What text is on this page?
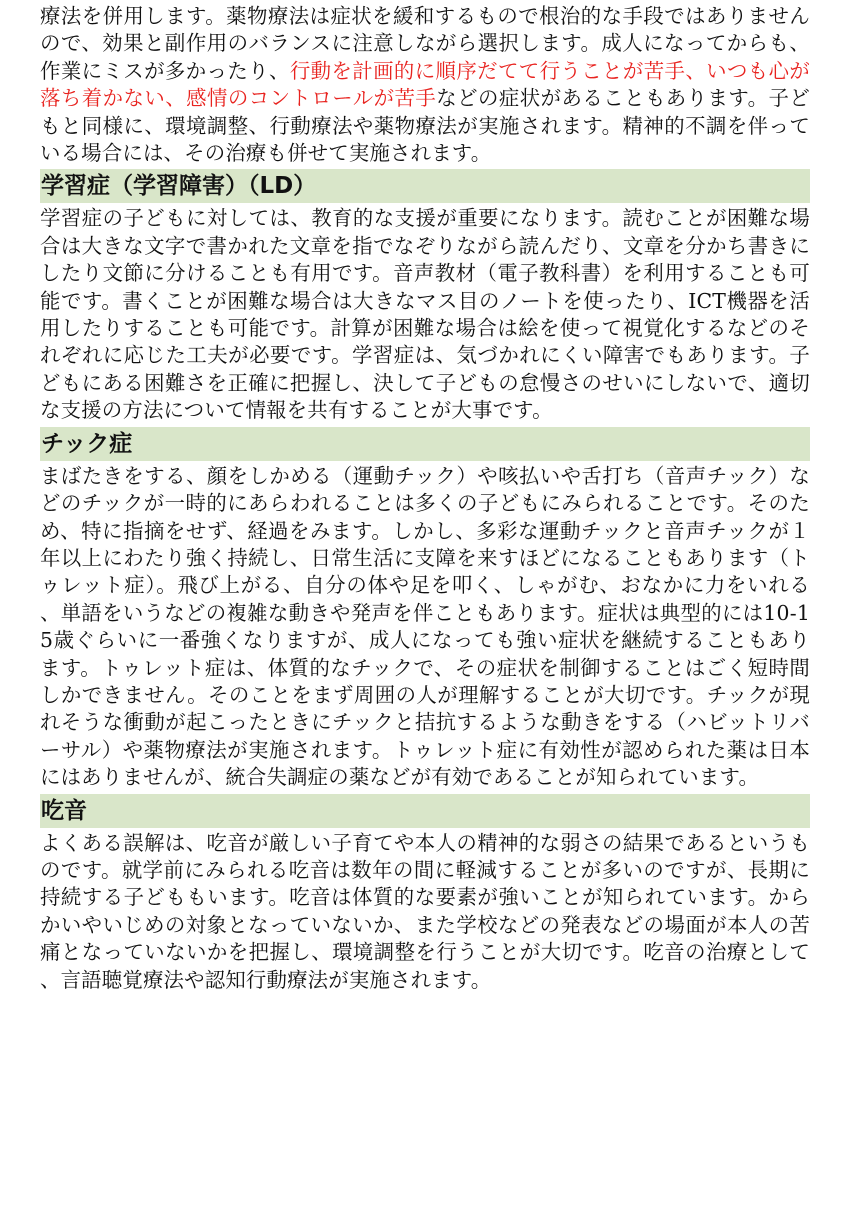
療法を併用します。薬物療法は症状を緩和するもので根治的な手段ではありませんので、効果と副作用のバランスに注意しながら選択します。成人になってからも、作業にミスが多かったり、行動を計画的に順序だてて行うことが苦手、いつも心が落ち着かない、感情のコントロールが苦手などの症状があることもあります。子どもと同様に、環境調整、行動療法や薬物療法が実施されます。精神的不調を伴っている場合には、その治療も併せて実施されます。

学習症（学習障害）（LD）

学習症の子どもに対しては、教育的な支援が重要になります。読むことが困難な場合は大きな文字で書かれた文章を指でなぞりながら読んだり、文章を分かち書きにしたり文節に分けることも有用です。音声教材（電子教科書）を利用することも可能です。書くことが困難な場合は大きなマス目のノートを使ったり、ICT機器を活用したりすることも可能です。計算が困難な場合は絵を使って視覚化するなどのそれぞれに応じた工夫が必要です。学習症は、気づかれにくい障害でもあります。子どもにある困難さを正確に把握し、決して子どもの怠慢さのせいにしないで、適切な支援の方法について情報を共有することが大事です。

チック症

まばたきをする、顔をしかめる（運動チック）や咳払いや舌打ち（音声チック）などのチックが一時的にあらわれることは多くの子どもにみられることです。そのため、特に指摘をせず、経過をみます。しかし、多彩な運動チックと音声チックが１年以上にわたり強く持続し、日常生活に支障を来すほどになることもあります（トゥレット症）。飛び上がる、自分の体や足を叩く、しゃがむ、おなかに力をいれる、単語をいうなどの複雑な動きや発声を伴こともあります。症状は典型的には10-15歳ぐらいに一番強くなりますが、成人になっても強い症状を継続することもあります。トゥレット症は、体質的なチックで、その症状を制御することはごく短時間しかできません。そのことをまず周囲の人が理解することが大切です。チックが現れそうな衝動が起こったときにチックと拮抗するような動きをする（ハビットリバーサル）や薬物療法が実施されます。トゥレット症に有効性が認められた薬は日本にはありませんが、統合失調症の薬などが有効であることが知られています。

吃音

よくある誤解は、吃音が厳しい子育てや本人の精神的な弱さの結果であるというものです。就学前にみられる吃音は数年の間に軽減することが多いのですが、長期に持続する子どももいます。吃音は体質的な要素が強いことが知られています。からかいやいじめの対象となっていないか、また学校などの発表などの場面が本人の苦痛となっていないかを把握し、環境調整を行うことが大切です。吃音の治療として、言語聴覚療法や認知行動療法が実施されます。
